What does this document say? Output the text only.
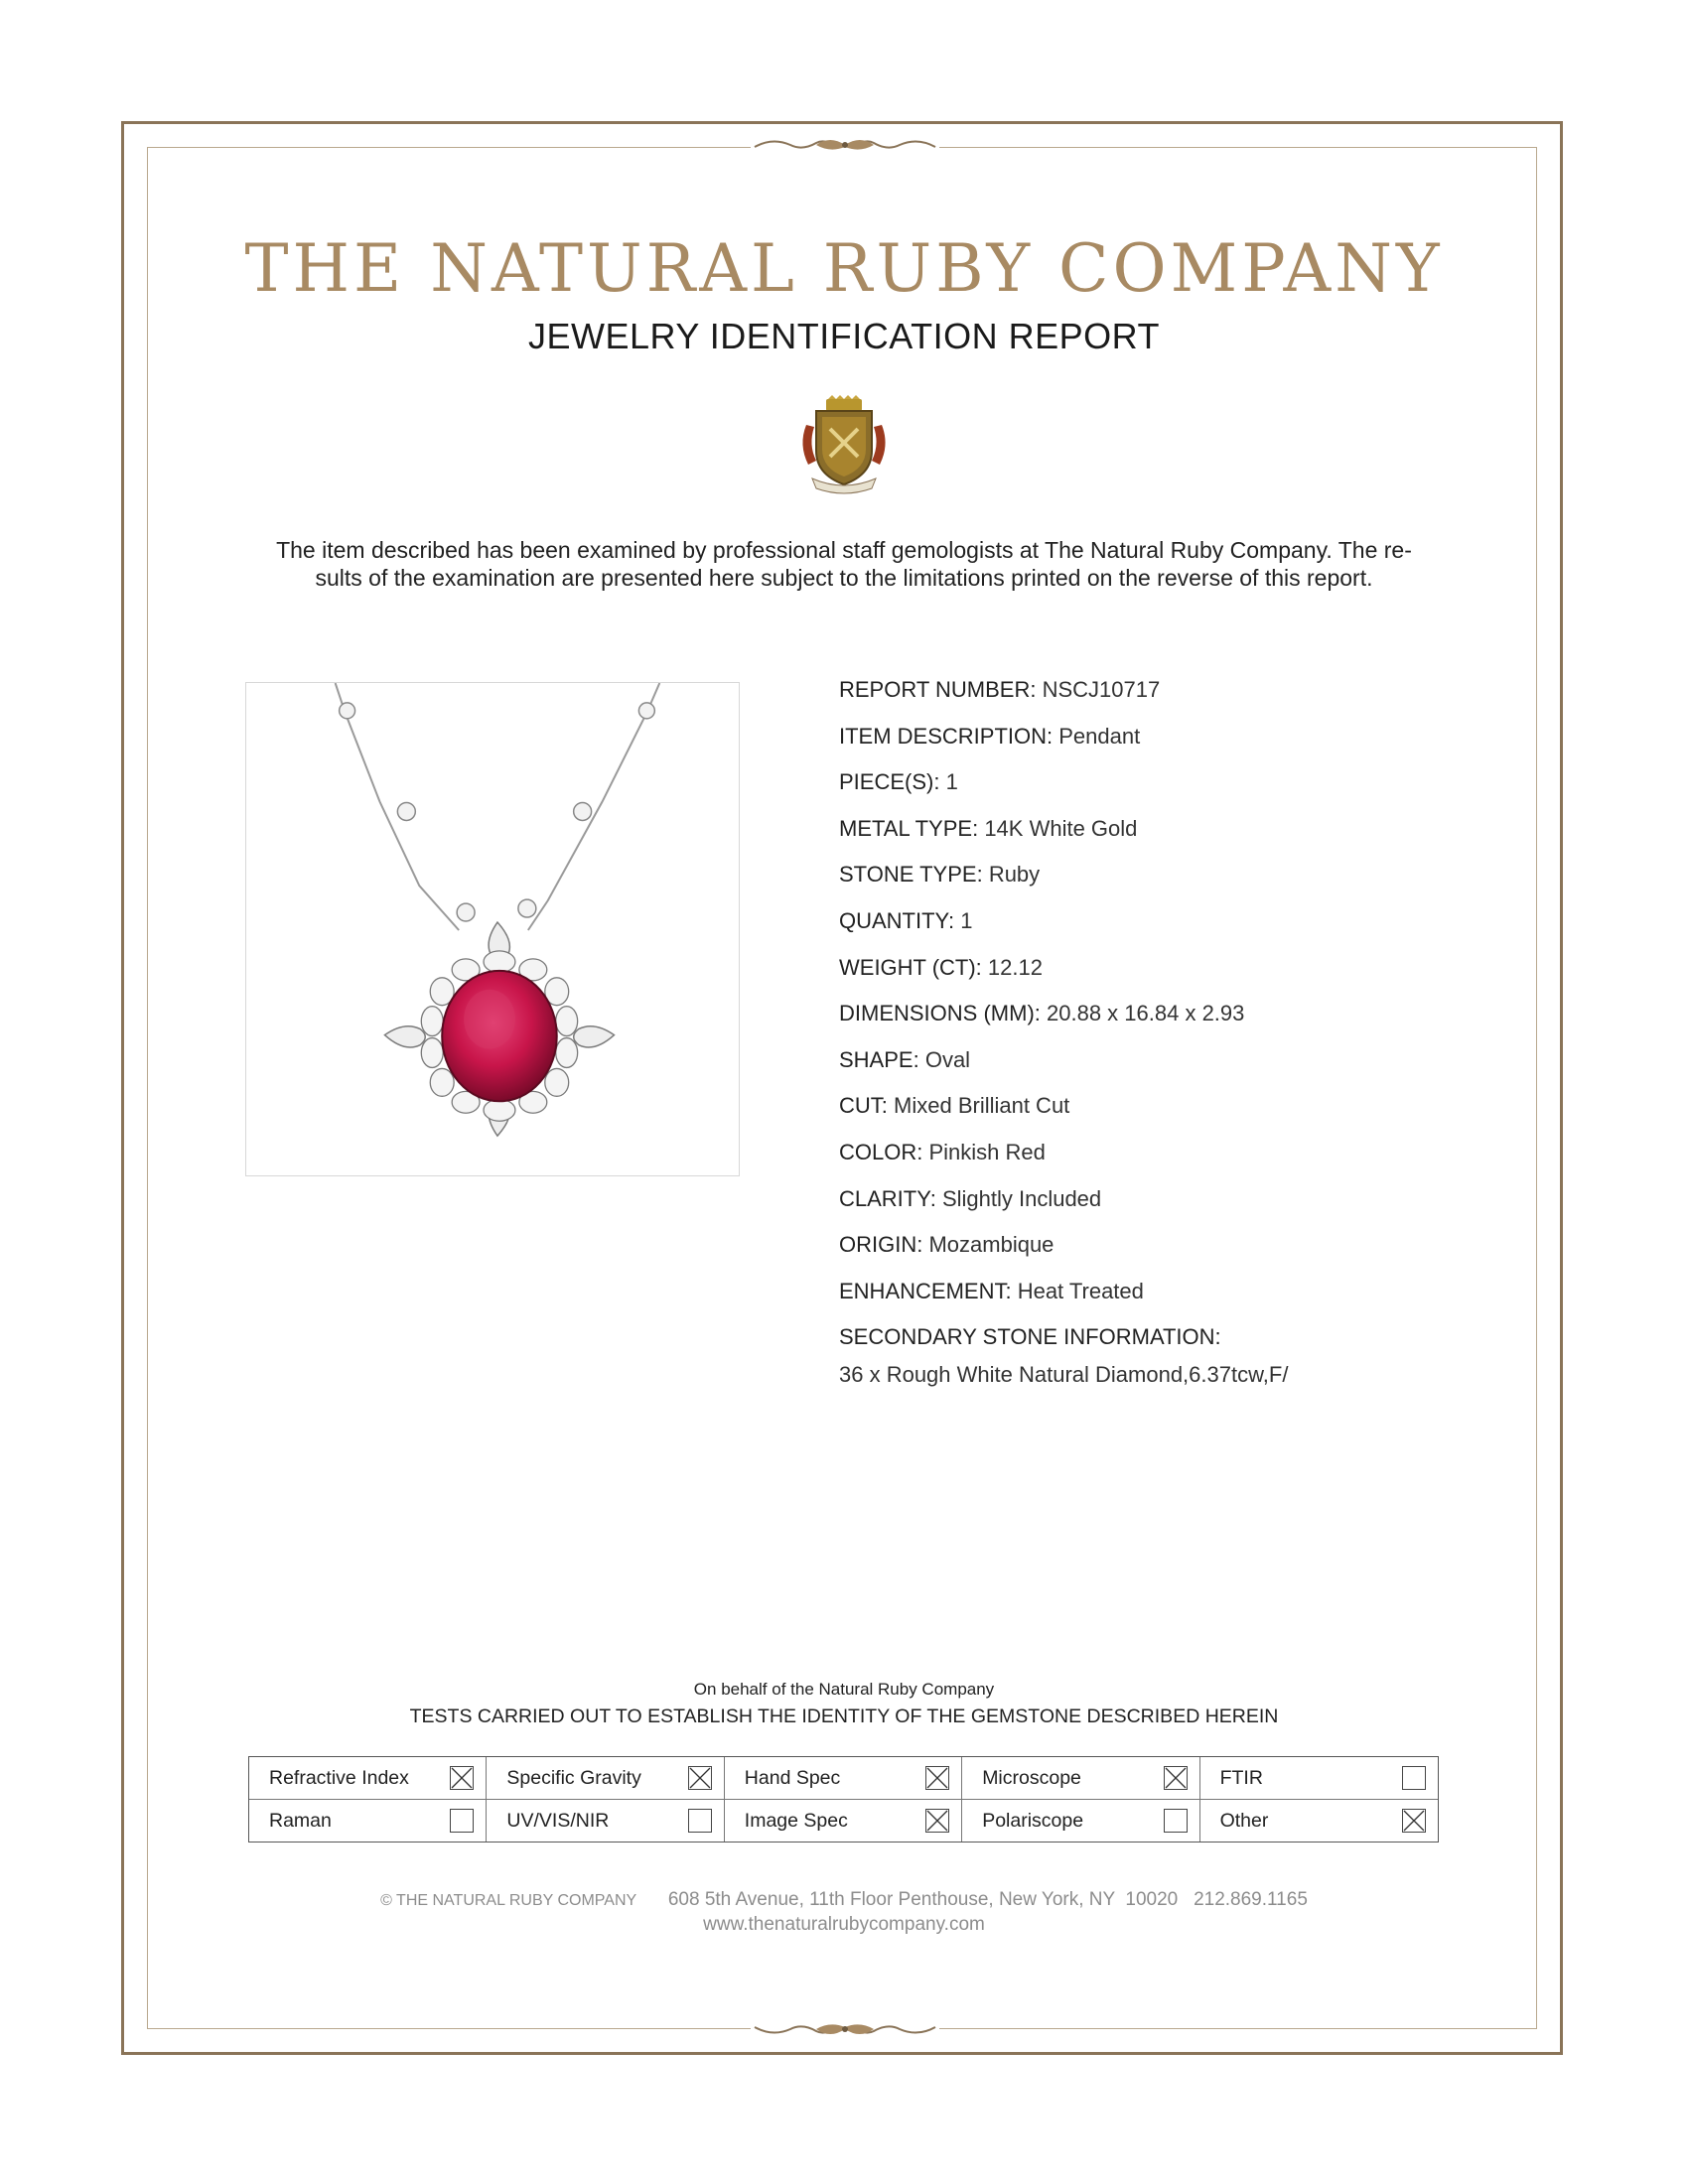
THE NATURAL RUBY COMPANY
JEWELRY IDENTIFICATION REPORT
The item described has been examined by professional staff gemologists at The Natural Ruby Company. The re-
sults of the examination are presented here subject to the limitations printed on the reverse of this report.
REPORT NUMBER: NSCJ10717
ITEM DESCRIPTION: Pendant
PIECE(S): 1
METAL TYPE: 14K White Gold
STONE TYPE: Ruby
QUANTITY: 1
WEIGHT (CT): 12.12
DIMENSIONS (MM): 20.88 x 16.84 x 2.93
SHAPE: Oval
CUT: Mixed Brilliant Cut
COLOR: Pinkish Red
CLARITY: Slightly Included
ORIGIN: Mozambique
ENHANCEMENT: Heat Treated
SECONDARY STONE INFORMATION:
36 x Rough White Natural Diamond,6.37tcw,F/
On behalf of the Natural Ruby Company
TESTS CARRIED OUT TO ESTABLISH THE IDENTITY OF THE GEMSTONE DESCRIBED HEREIN
Refractive Index	Specific Gravity	Hand Spec	Microscope	FTIR
Raman	UV/VIS/NIR	Image Spec	Polariscope	Other
© THE NATURAL RUBY COMPANY 608 5th Avenue, 11th Floor Penthouse, New York, NY  10020   212.869.1165
www.thenaturalrubycompany.com
